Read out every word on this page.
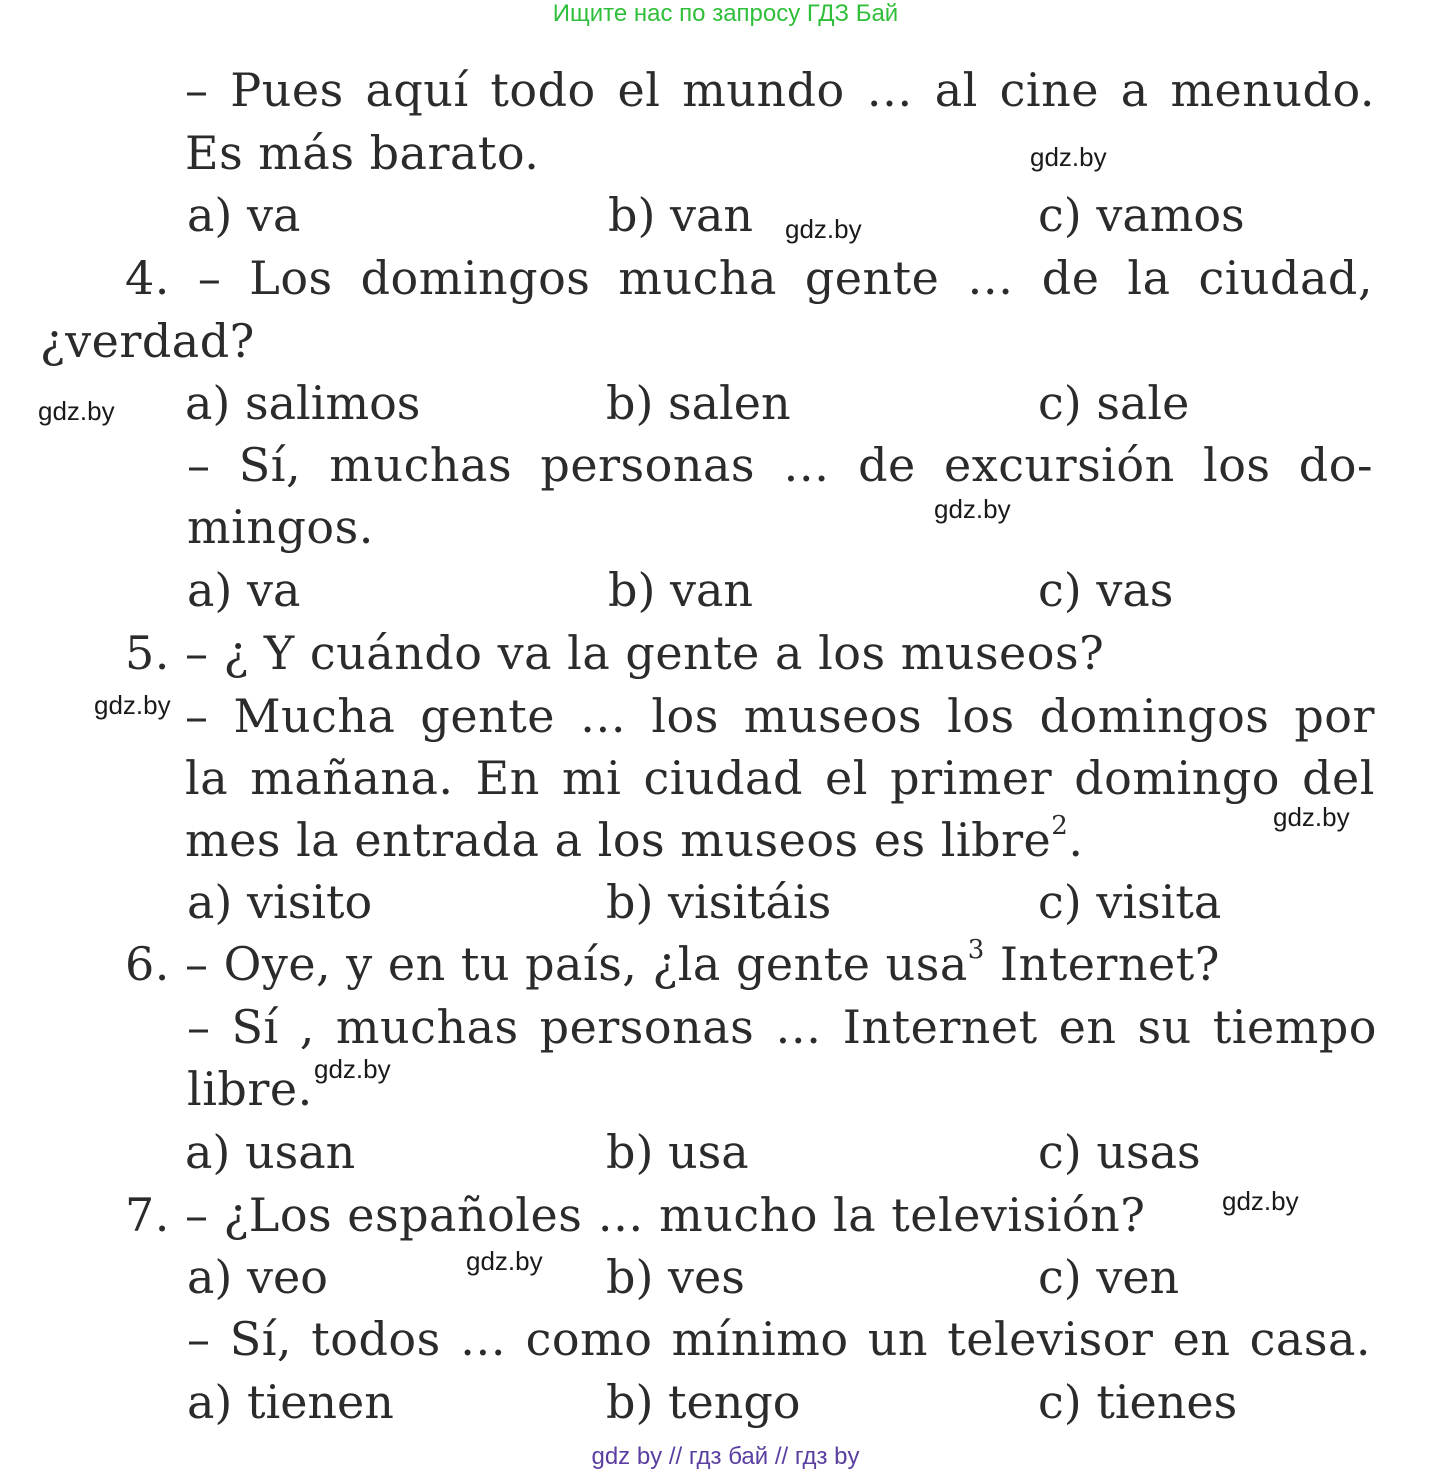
Ищите нас по запросу ГДЗ Бай
– Pues aquí todo el mundo … al cine a menudo.
Es más barato.
a) va	b) van	c) vamos
4. – Los domingos mucha gente … de la ciudad,
¿verdad?
a) salimos	b) salen	c) sale
– Sí, muchas personas … de excursión los do-
mingos.
a) va	b) van	c) vas
5. – ¿ Y cuándo va la gente a los museos?
– Mucha gente … los museos los domingos por
la mañana. En mi ciudad el primer domingo del
mes la entrada a los museos es libre$^2$.
a) visito	b) visitáis	c) visita
6. – Oye, y en tu país, ¿la gente usa$^3$ Internet?
– Sí , muchas personas … Internet en su tiempo
libre.
a) usan	b) usa	c) usas
7. – ¿Los españoles … mucho la televisión?
a) veo	b) ves	c) ven
– Sí, todos … como mínimo un televisor en casa.
a) tienen	b) tengo	c) tienes
gdz.by
gdz.by
gdz.by
gdz.by
gdz.by
gdz.by
gdz.by
gdz.by
gdz.by
gdz by // гдз бай // гдз by
